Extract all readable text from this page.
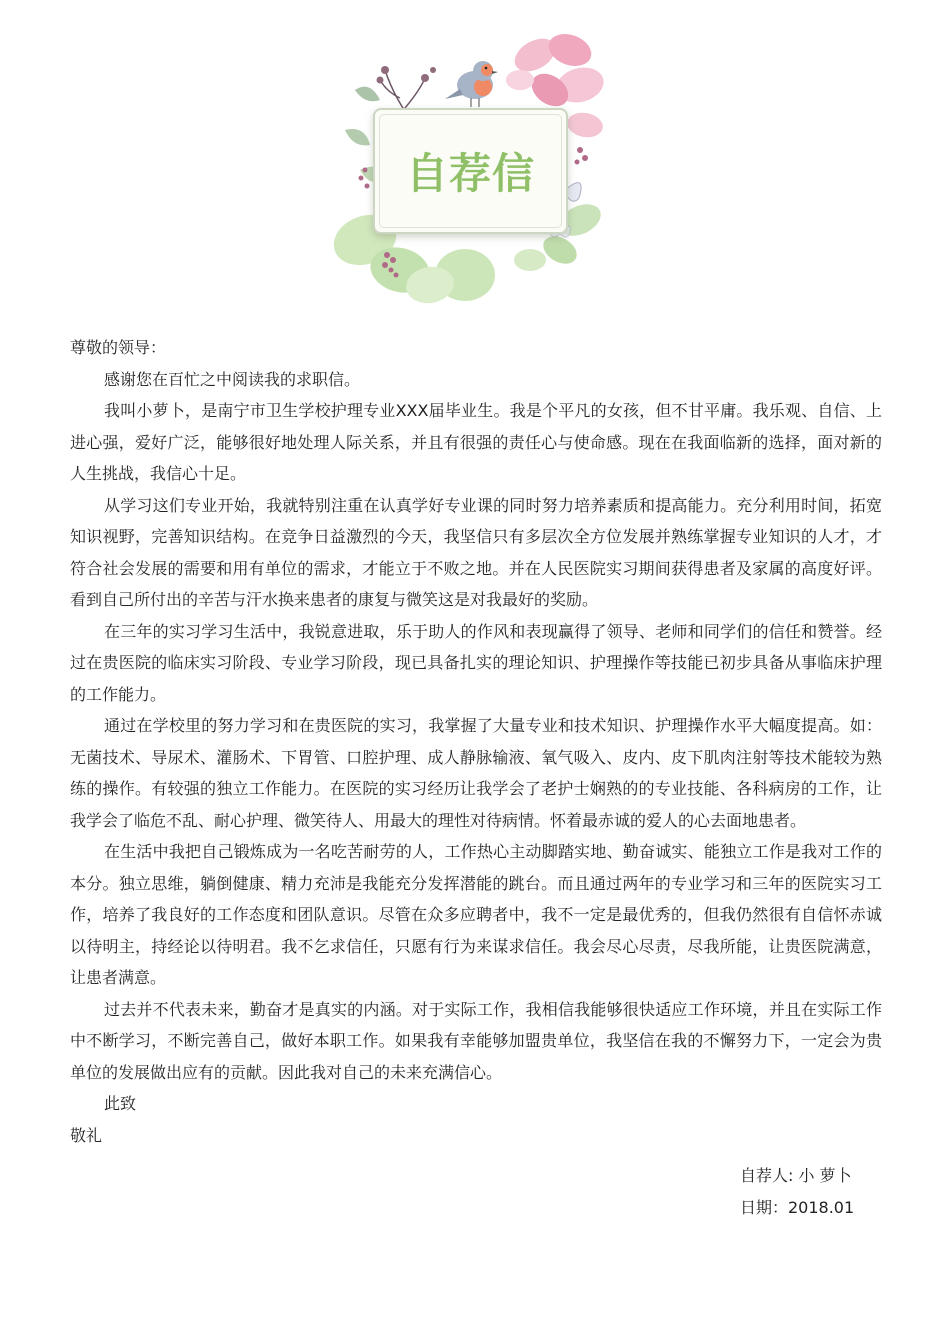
自荐信

尊敬的领导：

感谢您在百忙之中阅读我的求职信。

我叫小萝卜，是南宁市卫生学校护理专业XXX届毕业生。我是个平凡的女孩，但不甘平庸。我乐观、自信、上进心强，爱好广泛，能够很好地处理人际关系，并且有很强的责任心与使命感。现在在我面临新的选择，面对新的人生挑战，我信心十足。

从学习这们专业开始，我就特别注重在认真学好专业课的同时努力培养素质和提高能力。充分利用时间，拓宽知识视野，完善知识结构。在竞争日益激烈的今天，我坚信只有多层次全方位发展并熟练掌握专业知识的人才，才符合社会发展的需要和用有单位的需求，才能立于不败之地。并在人民医院实习期间获得患者及家属的高度好评。看到自己所付出的辛苦与汗水换来患者的康复与微笑这是对我最好的奖励。

在三年的实习学习生活中，我锐意进取，乐于助人的作风和表现赢得了领导、老师和同学们的信任和赞誉。经过在贵医院的临床实习阶段、专业学习阶段，现已具备扎实的理论知识、护理操作等技能已初步具备从事临床护理的工作能力。

通过在学校里的努力学习和在贵医院的实习，我掌握了大量专业和技术知识、护理操作水平大幅度提高。如：无菌技术、导尿术、灌肠术、下胃管、口腔护理、成人静脉输液、氧气吸入、皮内、皮下肌肉注射等技术能较为熟练的操作。有较强的独立工作能力。在医院的实习经历让我学会了老护士娴熟的的专业技能、各科病房的工作，让我学会了临危不乱、耐心护理、微笑待人、用最大的理性对待病情。怀着最赤诚的爱人的心去面地患者。

在生活中我把自己锻炼成为一名吃苦耐劳的人，工作热心主动脚踏实地、勤奋诚实、能独立工作是我对工作的本分。独立思维，躺倒健康、精力充沛是我能充分发挥潜能的跳台。而且通过两年的专业学习和三年的医院实习工作，培养了我良好的工作态度和团队意识。尽管在众多应聘者中，我不一定是最优秀的，但我仍然很有自信怀赤诚以待明主，持经论以待明君。我不乞求信任，只愿有行为来谋求信任。我会尽心尽责，尽我所能，让贵医院满意，让患者满意。

过去并不代表未来，勤奋才是真实的内涵。对于实际工作，我相信我能够很快适应工作环境，并且在实际工作中不断学习，不断完善自己，做好本职工作。如果我有幸能够加盟贵单位，我坚信在我的不懈努力下，一定会为贵单位的发展做出应有的贡献。因此我对自己的未来充满信心。

此致

敬礼

自荐人: 小 萝卜
日期：2018.01
